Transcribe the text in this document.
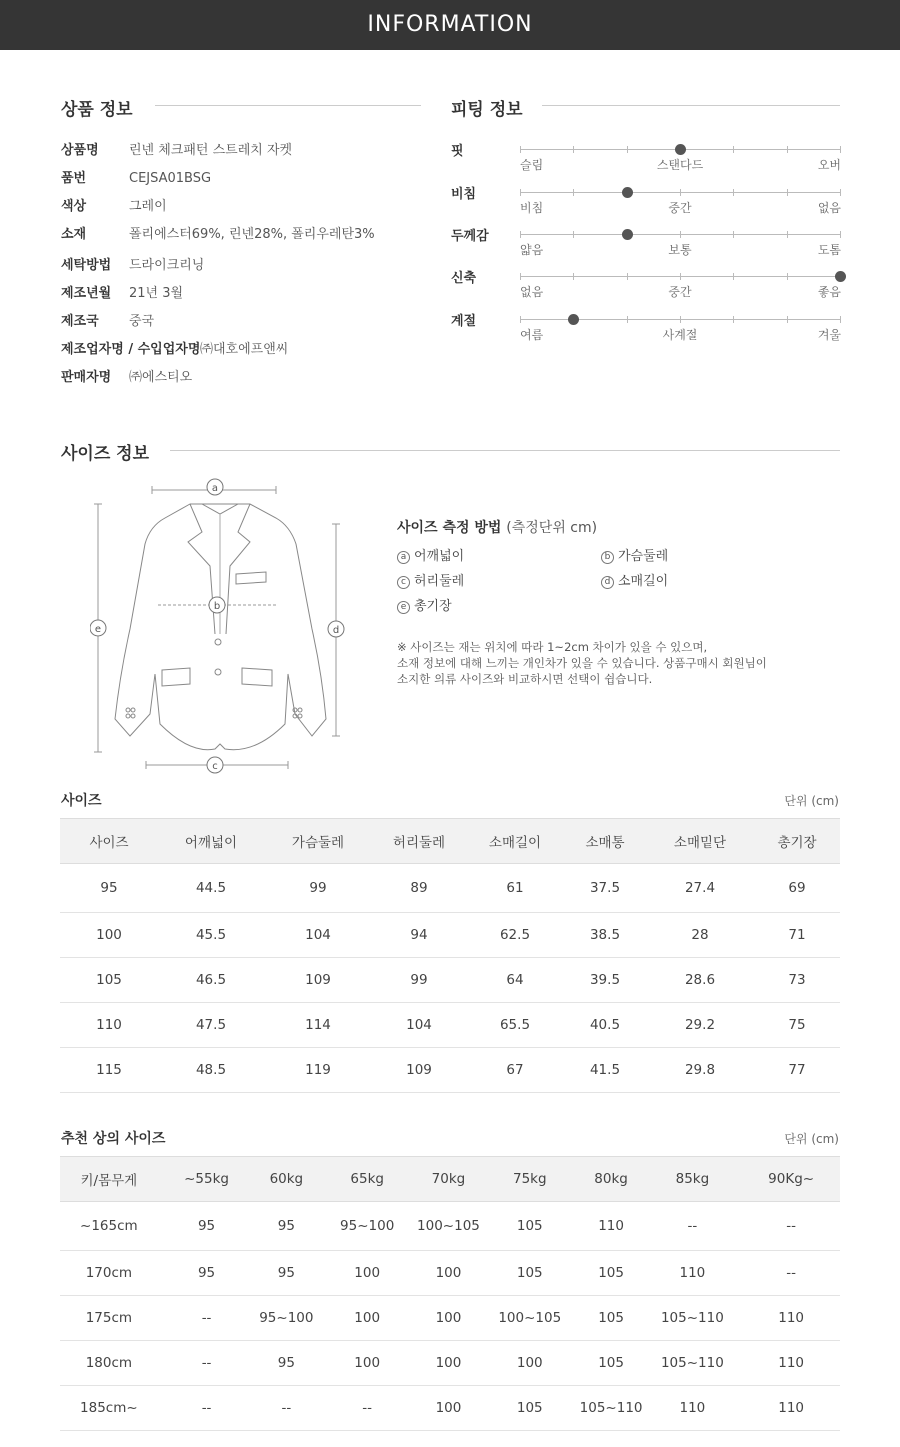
INFORMATION
상품 정보
상품명 린넨 체크패턴 스트레치 자켓
품번	CEJSA01BSG
색상	그레이
소재	폴리에스터69%, 린넨28%, 폴리우레탄3%
세탁방법 드라이크리닝
제조년월 21년 3월
제조국 중국
제조업자명 / 수입업자명 ㈜대호에프앤씨
판매자명 ㈜에스티오
피팅 정보
핏
슬림	스탠다드	오버
비침
비침	중간	없음
두께감
얇음	보통	도톰
신축
없음	중간	좋음
계절
여름	사계절	겨울
사이즈 정보
a
b
c
d
e
사이즈 측정 방법 (측정단위 cm)
a 어깨넓이	b 가슴둘레
c 허리둘레	d 소매길이
e 총기장
※ 사이즈는 재는 위치에 따라 1~2cm 차이가 있을 수 있으며,
소재 정보에 대해 느끼는 개인차가 있을 수 있습니다. 상품구매시 회원님이
소지한 의류 사이즈와 비교하시면 선택이 쉽습니다.
사이즈	단위 (cm)
사이즈	어깨넓이	가슴둘레	허리둘레	소매길이	소매통	소매밑단	총기장
95	44.5	99	89	61	37.5	27.4	69
100	45.5	104	94	62.5	38.5	28	71
105	46.5	109	99	64	39.5	28.6	73
110	47.5	114	104	65.5	40.5	29.2	75
115	48.5	119	109	67	41.5	29.8	77
추천 상의 사이즈	단위 (cm)
키/몸무게	~55kg	60kg	65kg	70kg	75kg	80kg	85kg	90Kg~
~165cm	95	95	95~100	100~105	105	110	--	--
170cm	95	95	100	100	105	105	110	--
175cm	--	95~100	100	100	100~105	105	105~110	110
180cm	--	95	100	100	100	105	105~110	110
185cm~	--	--	--	100	105	105~110	110	110
